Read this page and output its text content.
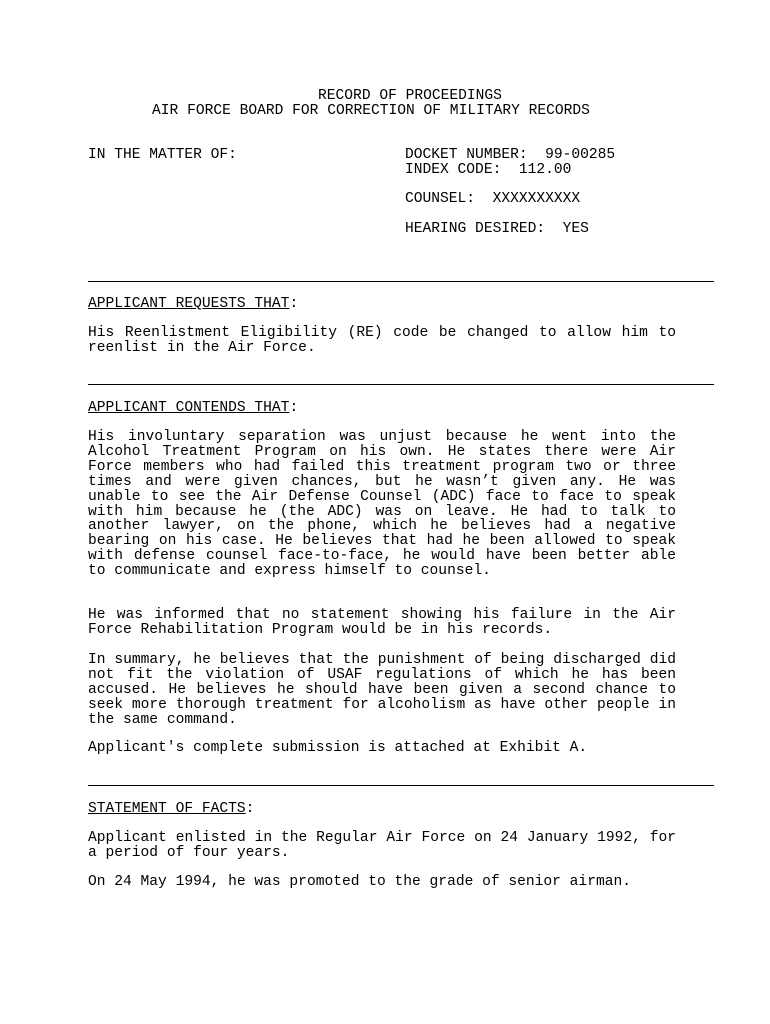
RECORD OF PROCEEDINGS
AIR FORCE BOARD FOR CORRECTION OF MILITARY RECORDS
IN THE MATTER OF:	DOCKET NUMBER:  99-00285
INDEX CODE:  112.00
COUNSEL:  XXXXXXXXXX
HEARING DESIRED:  YES
APPLICANT REQUESTS THAT:
His Reenlistment Eligibility (RE) code be changed to allow him to reenlist in the Air Force.
APPLICANT CONTENDS THAT:
His involuntary separation was unjust because he went into the Alcohol Treatment Program on his own. He states there were Air Force members who had failed this treatment program two or three times and were given chances, but he wasn’t given any. He was unable to see the Air Defense Counsel (ADC) face to face to speak with him because he (the ADC) was on leave. He had to talk to another lawyer, on the phone, which he believes had a negative bearing on his case. He believes that had he been allowed to speak with defense counsel face-to-face, he would have been better able to communicate and express himself to counsel.
He was informed that no statement showing his failure in the Air Force Rehabilitation Program would be in his records.
In summary, he believes that the punishment of being discharged did not fit the violation of USAF regulations of which he has been accused. He believes he should have been given a second chance to seek more thorough treatment for alcoholism as have other people in the same command.
Applicant's complete submission is attached at Exhibit A.
STATEMENT OF FACTS:
Applicant enlisted in the Regular Air Force on 24 January 1992, for a period of four years.
On 24 May 1994, he was promoted to the grade of senior airman.
